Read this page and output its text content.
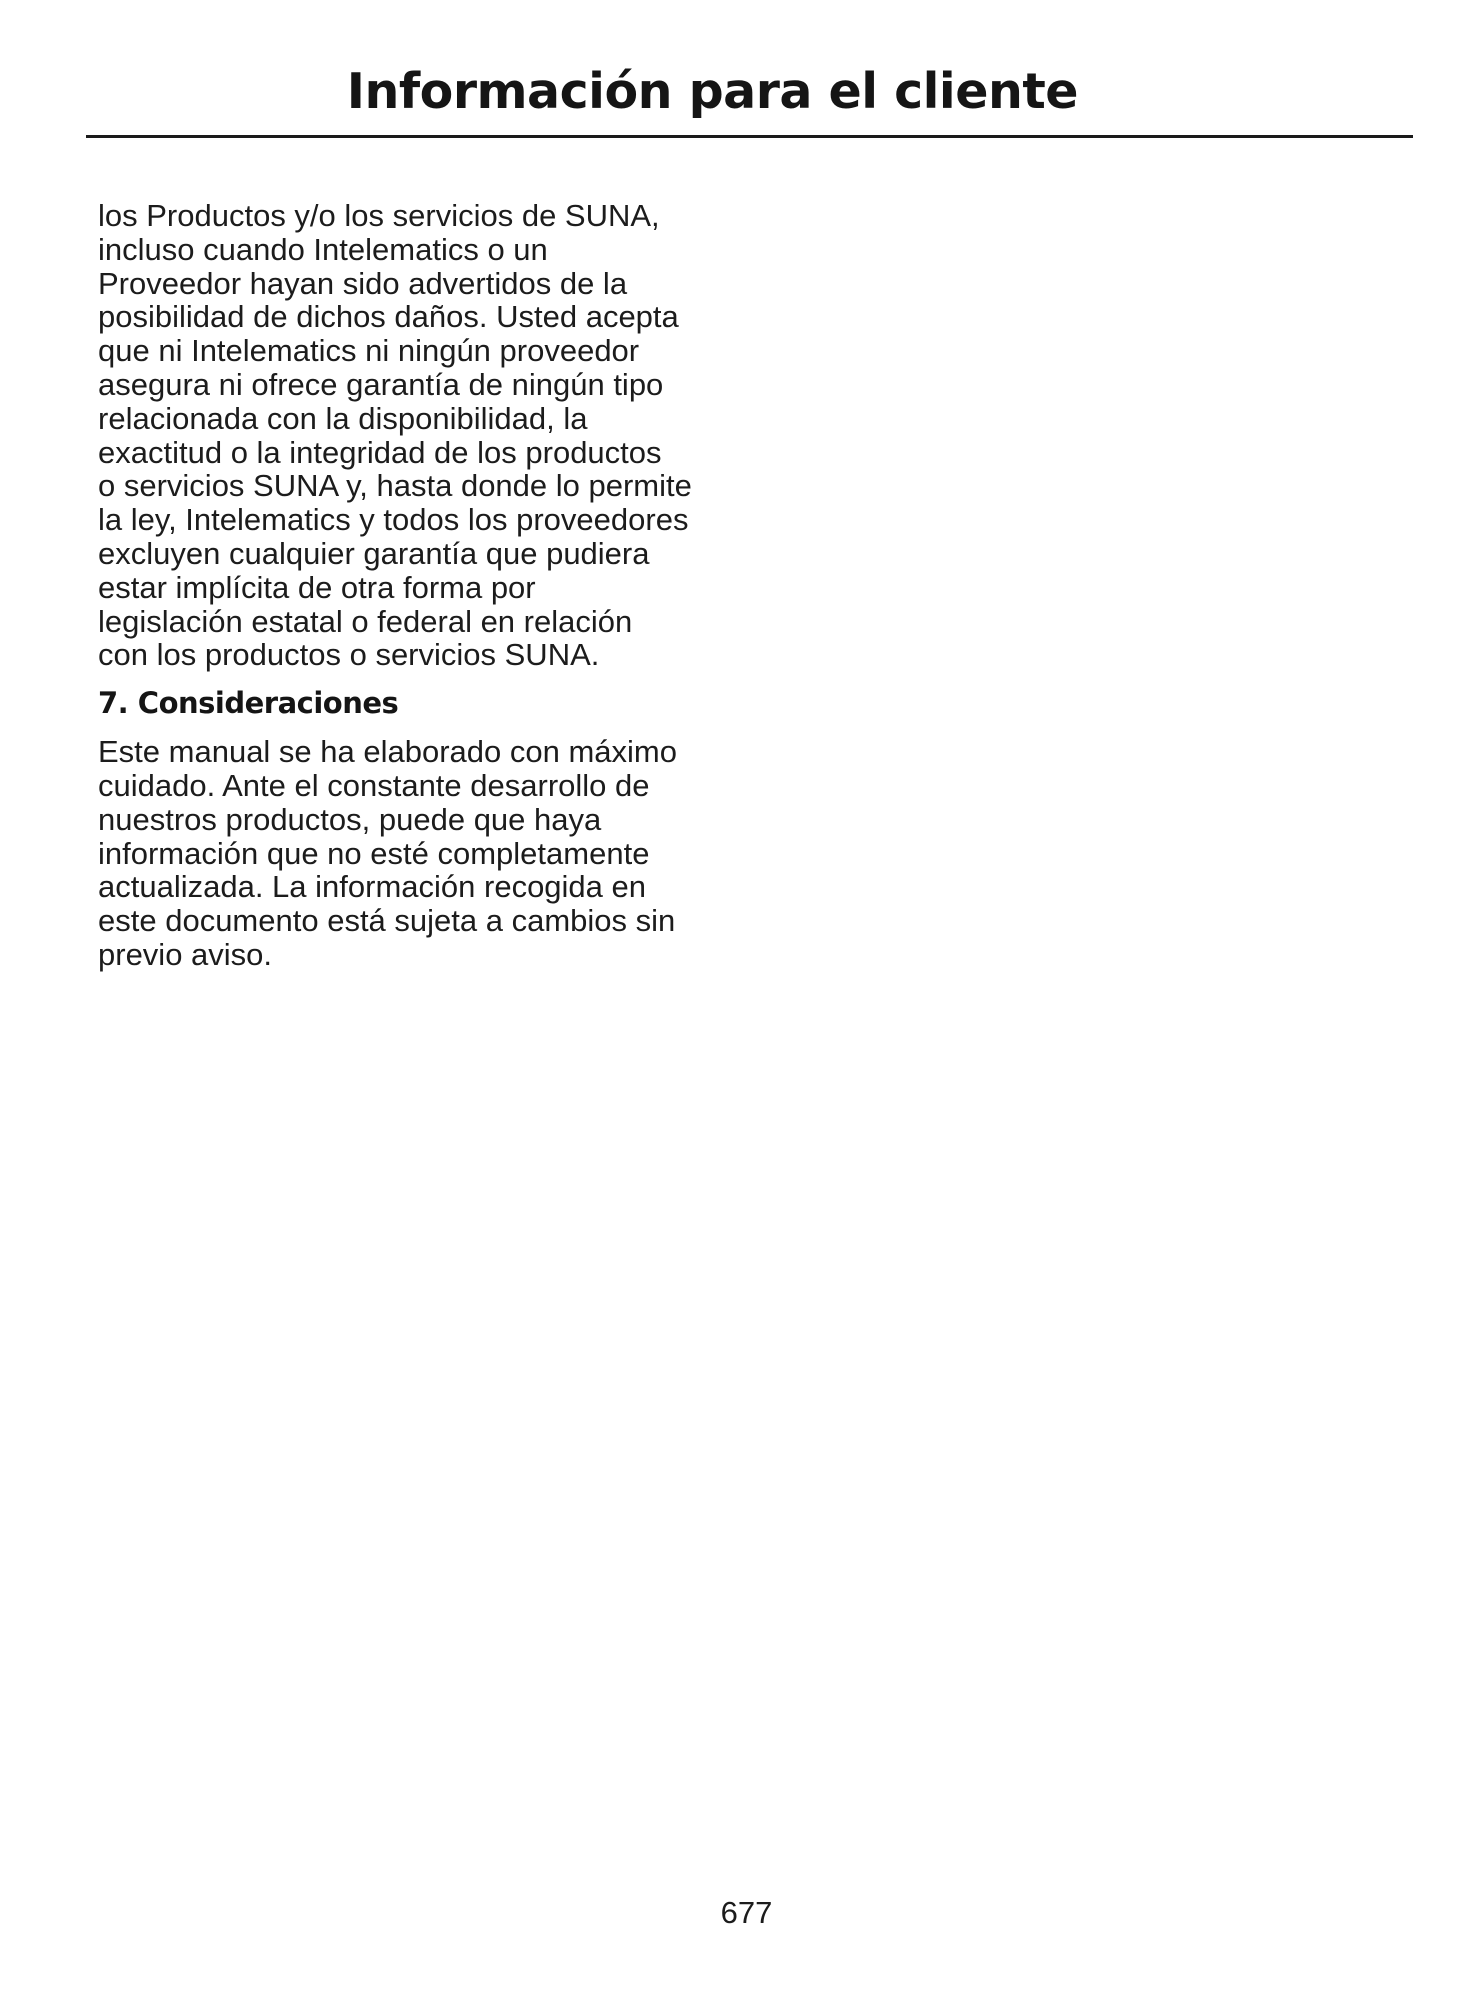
Información para el cliente

los Productos y/o los servicios de SUNA,
incluso cuando Intelematics o un
Proveedor hayan sido advertidos de la
posibilidad de dichos daños. Usted acepta
que ni Intelematics ni ningún proveedor
asegura ni ofrece garantía de ningún tipo
relacionada con la disponibilidad, la
exactitud o la integridad de los productos
o servicios SUNA y, hasta donde lo permite
la ley, Intelematics y todos los proveedores
excluyen cualquier garantía que pudiera
estar implícita de otra forma por
legislación estatal o federal en relación
con los productos o servicios SUNA.

7. Consideraciones

Este manual se ha elaborado con máximo
cuidado. Ante el constante desarrollo de
nuestros productos, puede que haya
información que no esté completamente
actualizada. La información recogida en
este documento está sujeta a cambios sin
previo aviso.

677
